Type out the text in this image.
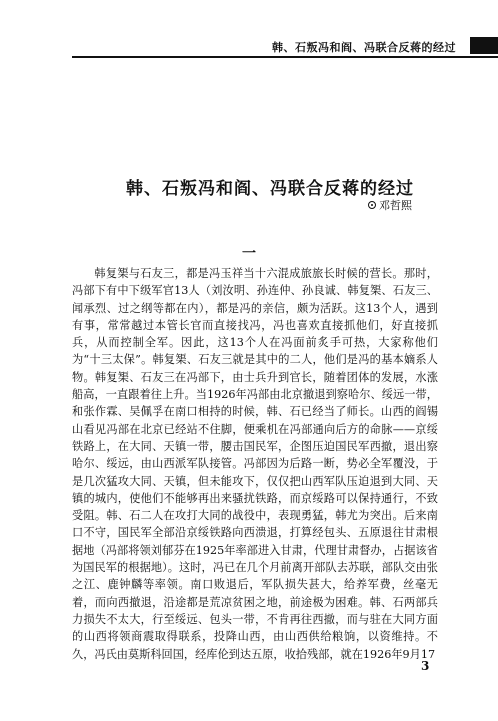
韩、石叛冯和阎、冯联合反蒋的经过
韩、石叛冯和阎、冯联合反蒋的经过
邓哲熙
一

韩复榘与石友三，都是冯玉祥当十六混成旅旅长时候的营长。那时，冯部下有中下级军官13人（刘汝明、孙连仲、孙良诚、韩复榘、石友三、闻承烈、过之纲等都在内），都是冯的亲信，颇为活跃。这13个人，遇到有事，常常越过本管长官而直接找冯，冯也喜欢直接抓他们，好直接抓兵，从而控制全军。因此，这13个人在冯面前炙手可热，大家称他们为“十三太保”。韩复榘、石友三就是其中的二人，他们是冯的基本嫡系人物。韩复榘、石友三在冯部下，由士兵升到官长，随着团体的发展，水涨船高，一直跟着往上升。当1926年冯部由北京撤退到察哈尔、绥远一带，和张作霖、吴佩孚在南口相持的时候，韩、石已经当了师长。山西的阎锡山看见冯部在北京已经站不住脚，便乘机在冯部通向后方的命脉——京绥铁路上，在大同、天镇一带，腰击国民军，企图压迫国民军西撤，退出察哈尔、绥远，由山西派军队接管。冯部因为后路一断，势必全军覆没，于是几次猛攻大同、天镇，但未能攻下，仅仅把山西军队压迫退到大同、天镇的城内，使他们不能够再出来骚扰铁路，而京绥路可以保持通行，不致受阻。韩、石二人在攻打大同的战役中，表现勇猛，韩尤为突出。后来南口不守，国民军全部沿京绥铁路向西溃退，打算经包头、五原退往甘肃根据地（冯部将领刘郁芬在1925年率部进入甘肃，代理甘肃督办，占据该省为国民军的根据地）。这时，冯已在几个月前离开部队去苏联，部队交由张之江、鹿钟麟等率领。南口败退后，军队损失甚大，给养军费，丝毫无着，而向西撤退，沿途都是荒凉贫困之地，前途极为困难。韩、石两部兵力损失不太大，行至绥远、包头一带，不肯再往西撤，而与驻在大同方面的山西将领商震取得联系，投降山西，由山西供给粮饷，以资维持。不久，冯氏由莫斯科回国，经库伦到达五原，收拾残部，就在1926年9月17

3
